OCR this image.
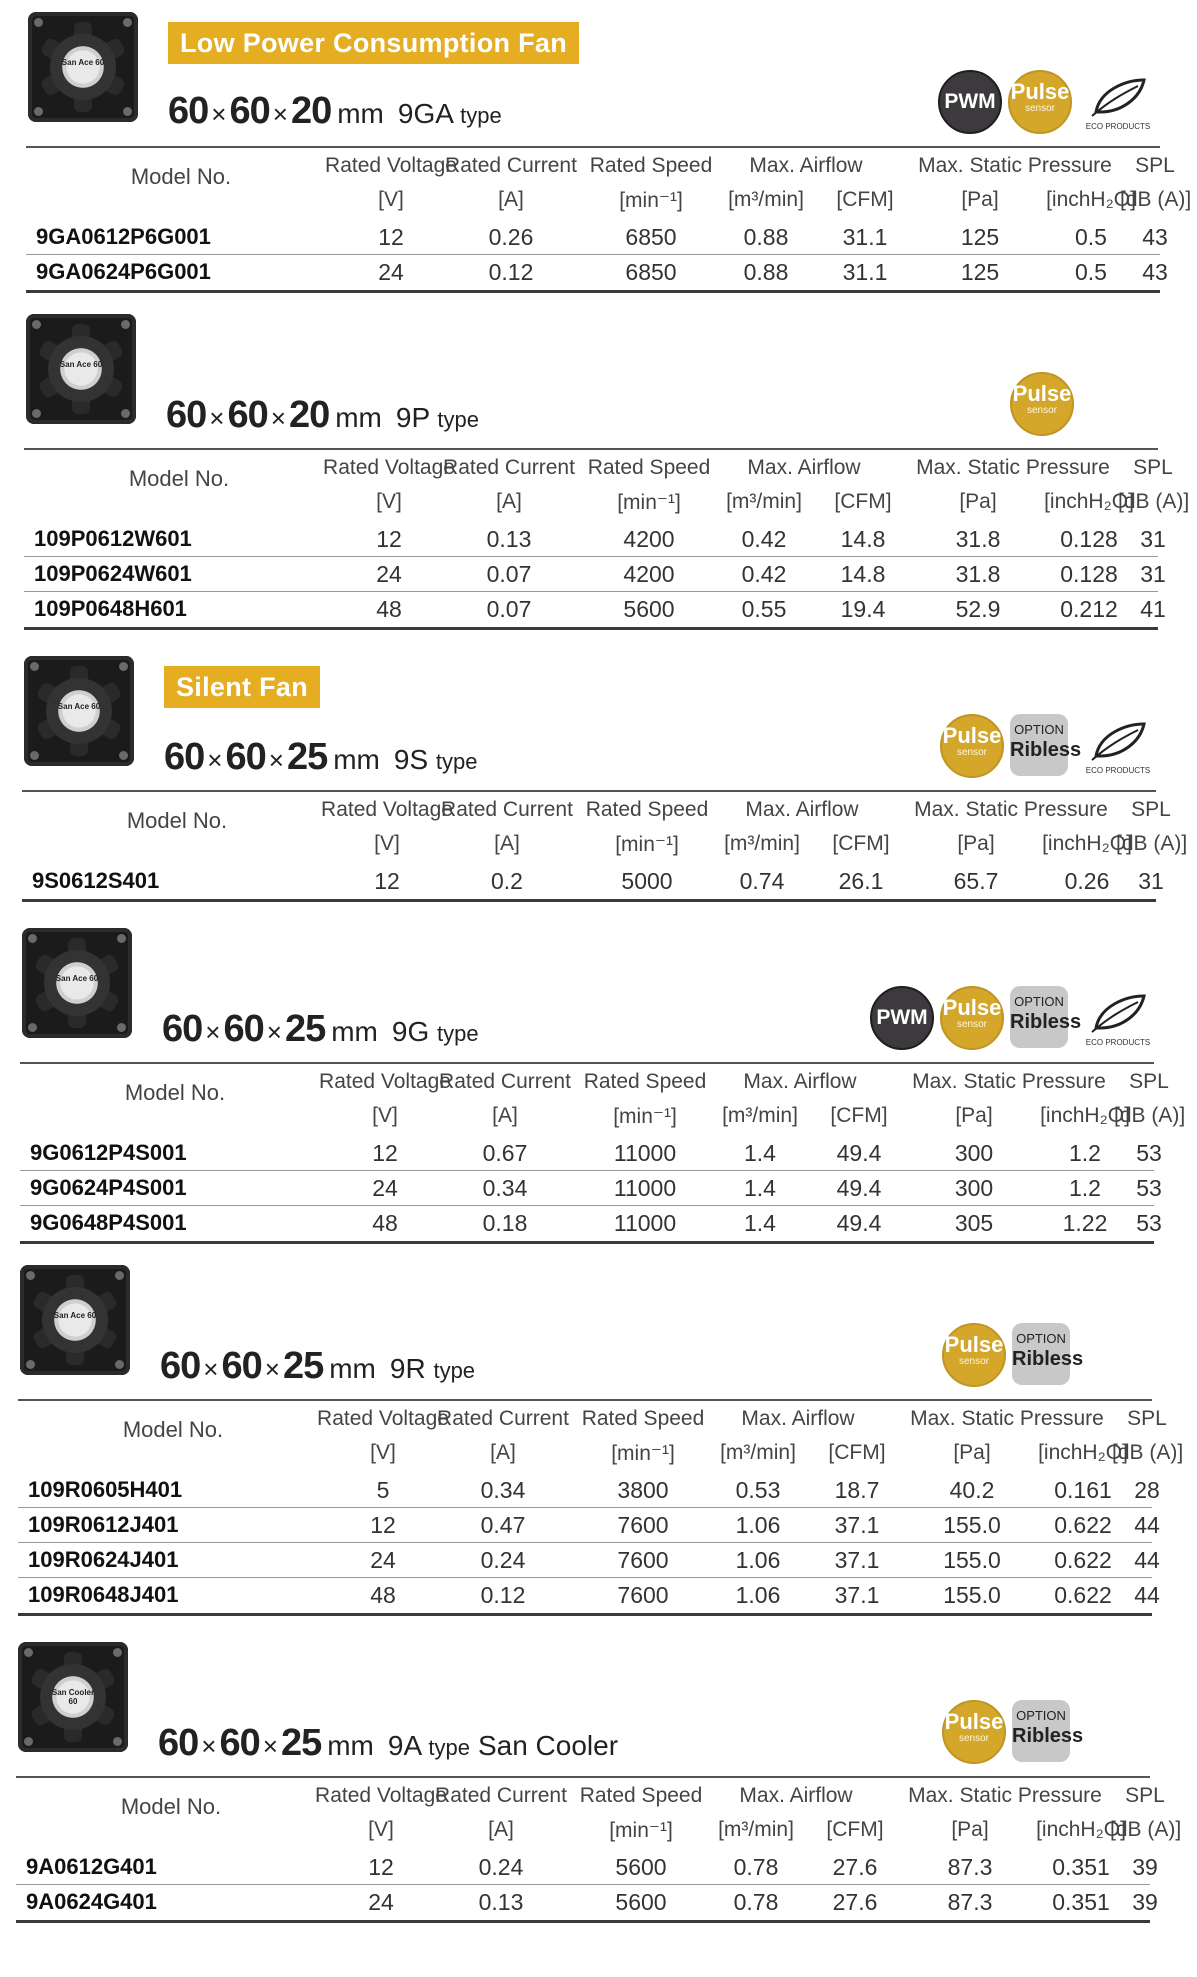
San Ace 60
Low Power Consumption Fan
60 ×60 ×20 mm 9GA type	ECO PRODUCTS
Pulse
sensor
PWM
Model No.	Rated Voltage
Rated Current Rated Speed	Max. Airflow	Max. Static Pressure	SPL
[V]	[A]	[min⁻¹]	[m³/min]	[CFM]	[Pa]	[inchH₂O]
[dB (A)]
9GA0612P6G001	12	0.26	6850	0.88	31.1	125	0.5	43
9GA0624P6G001	24	0.12	6850	0.88	31.1	125	0.5	43
San Ace 60
60 ×60 ×20 mm 9P type
Pulse
sensor
Model No.	Rated Voltage
Rated Current Rated Speed	Max. Airflow	Max. Static Pressure	SPL
[V]	[A]	[min⁻¹]	[m³/min]	[CFM]	[Pa]	[inchH₂O]
[dB (A)]
109P0612W601	12	0.13	4200	0.42	14.8	31.8	0.128 31
109P0624W601	24	0.07	4200	0.42	14.8	31.8	0.128 31
109P0648H601	48	0.07	5600	0.55	19.4	52.9	0.212 41
San Ace 60
Silent Fan
60 ×60 ×25 mm 9S type	ECO PRODUCTS
OPTION
Ribless
Pulse
sensor
Model No.	Rated Voltage
Rated Current Rated Speed	Max. Airflow	Max. Static Pressure	SPL
[V]	[A]	[min⁻¹]	[m³/min]	[CFM]	[Pa]	[inchH₂O]
[dB (A)]
9S0612S401	12	0.2	5000	0.74	26.1	65.7	0.26	31
San Ace 60
60 ×60 ×25 mm 9G type	ECO PRODUCTS
OPTION
Ribless
Pulse
sensor
PWM
Model No.	Rated Voltage
Rated Current Rated Speed	Max. Airflow	Max. Static Pressure	SPL
[V]	[A]	[min⁻¹]	[m³/min]	[CFM]	[Pa]	[inchH₂O]
[dB (A)]
9G0612P4S001	12	0.67	11000	1.4	49.4	300	1.2	53
9G0624P4S001	24	0.34	11000	1.4	49.4	300	1.2	53
9G0648P4S001	48	0.18	11000	1.4	49.4	305	1.22	53
San Ace 60
60 ×60 ×25 mm 9R type
OPTION
Ribless
Pulse
sensor
Model No.	Rated Voltage
Rated Current Rated Speed	Max. Airflow	Max. Static Pressure	SPL
[V]	[A]	[min⁻¹]	[m³/min]	[CFM]	[Pa]	[inchH₂O]
[dB (A)]
109R0605H401	5	0.34	3800	0.53	18.7	40.2	0.161 28
109R0612J401	12	0.47	7600	1.06	37.1	155.0	0.622 44
109R0624J401	24	0.24	7600	1.06	37.1	155.0	0.622 44
109R0648J401	48	0.12	7600	1.06	37.1	155.0	0.622 44
San Cooler 60
60 ×60 ×25 mm 9A type San Cooler
OPTION
Ribless
Pulse
sensor
Model No.	Rated Voltage
Rated Current Rated Speed	Max. Airflow	Max. Static Pressure	SPL
[V]	[A]	[min⁻¹]	[m³/min]	[CFM]	[Pa]	[inchH₂O]
[dB (A)]
9A0612G401	12	0.24	5600	0.78	27.6	87.3	0.351 39
9A0624G401	24	0.13	5600	0.78	27.6	87.3	0.351 39
